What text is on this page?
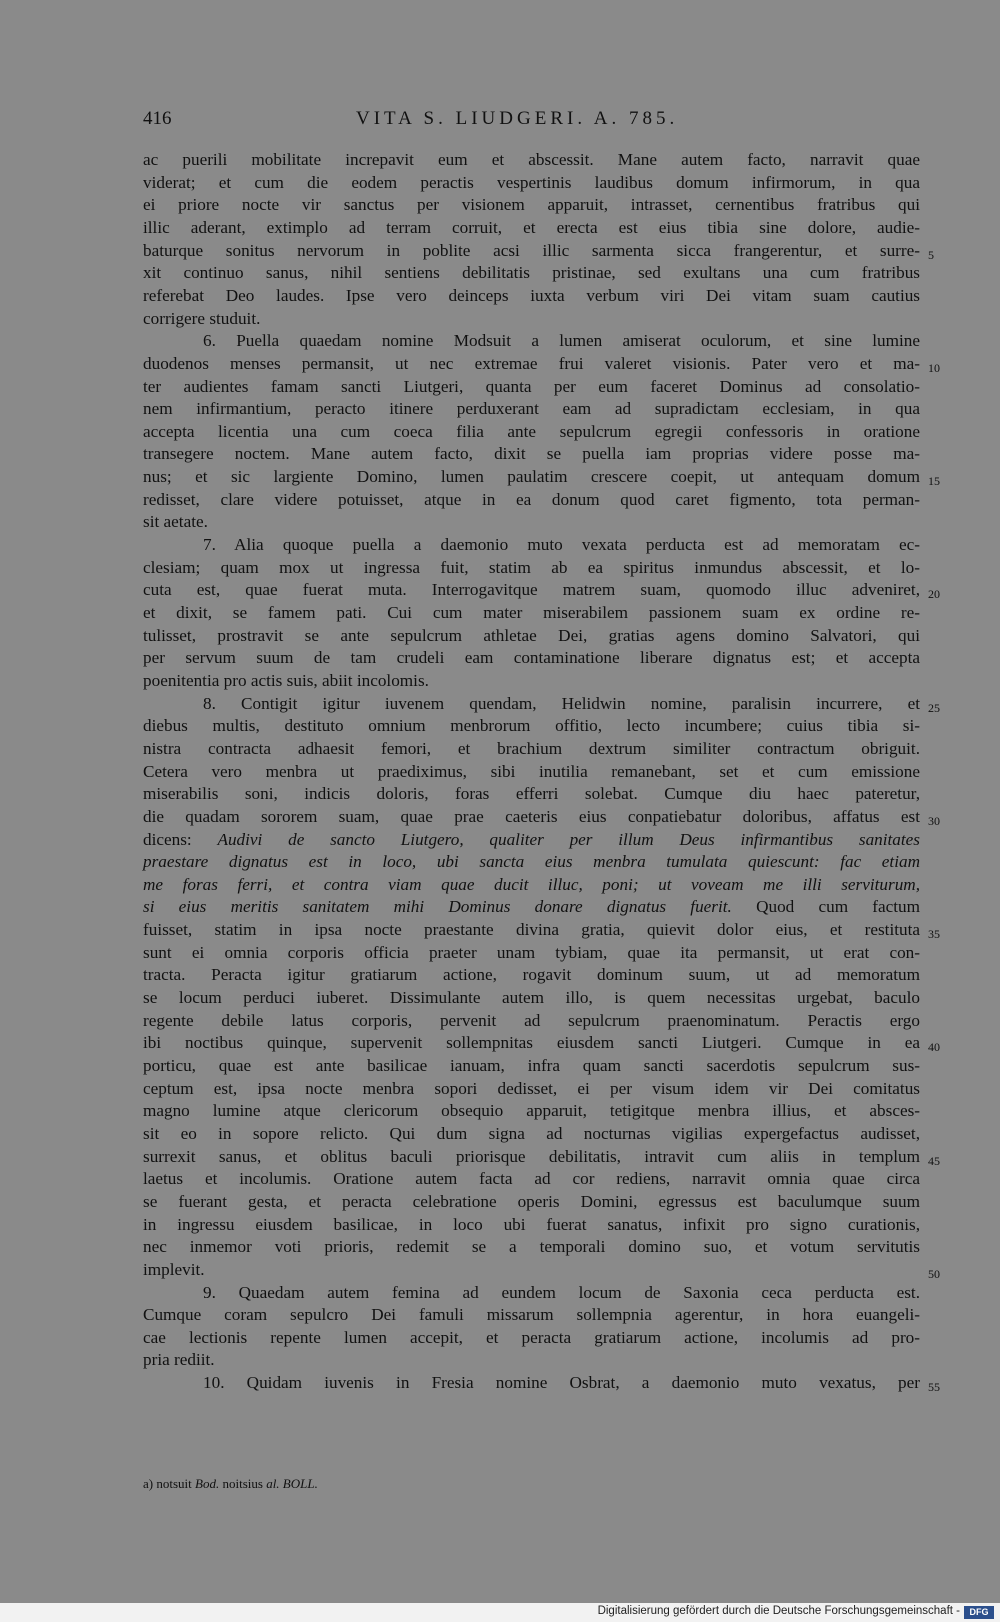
416	VITA S. LIUDGERI. A. 785.
ac puerili mobilitate increpavit eum et abscessit. Mane autem facto, narravit quae
viderat; et cum die eodem peractis vespertinis laudibus domum infirmorum, in qua
ei priore nocte vir sanctus per visionem apparuit, intrasset, cernentibus fratribus qui
illic aderant, extimplo ad terram corruit, et erecta est eius tibia sine dolore, audie-
baturque sonitus nervorum in poblite acsi illic sarmenta sicca frangerentur, et surre- 5
xit continuo sanus, nihil sentiens debilitatis pristinae, sed exultans una cum fratribus
referebat Deo laudes. Ipse vero deinceps iuxta verbum viri Dei vitam suam cautius
corrigere studuit.
6. Puella quaedam nomine Modsuit a lumen amiserat oculorum, et sine lumine
duodenos menses permansit, ut nec extremae frui valeret visionis. Pater vero et ma- 10
ter audientes famam sancti Liutgeri, quanta per eum faceret Dominus ad consolatio-
nem infirmantium, peracto itinere perduxerant eam ad supradictam ecclesiam, in qua
accepta licentia una cum coeca filia ante sepulcrum egregii confessoris in oratione
transegere noctem. Mane autem facto, dixit se puella iam proprias videre posse ma-
nus; et sic largiente Domino, lumen paulatim crescere coepit, ut antequam domum 15
redisset, clare videre potuisset, atque in ea donum quod caret figmento, tota perman-
sit aetate.
7. Alia quoque puella a daemonio muto vexata perducta est ad memoratam ec-
clesiam; quam mox ut ingressa fuit, statim ab ea spiritus inmundus abscessit, et lo-
cuta est, quae fuerat muta. Interrogavitque matrem suam, quomodo illuc adveniret, 20
et dixit, se famem pati. Cui cum mater miserabilem passionem suam ex ordine re-
tulisset, prostravit se ante sepulcrum athletae Dei, gratias agens domino Salvatori, qui
per servum suum de tam crudeli eam contaminatione liberare dignatus est; et accepta
poenitentia pro actis suis, abiit incolomis.
8. Contigit igitur iuvenem quendam, Helidwin nomine, paralisin incurrere, et 25
diebus multis, destituto omnium menbrorum offitio, lecto incumbere; cuius tibia si-
nistra contracta adhaesit femori, et brachium dextrum similiter contractum obriguit.
Cetera vero menbra ut praediximus, sibi inutilia remanebant, set et cum emissione
miserabilis soni, indicis doloris, foras efferri solebat. Cumque diu haec pateretur,
die quadam sororem suam, quae prae caeteris eius conpatiebatur doloribus, affatus est 30
dicens: Audivi de sancto Liutgero, qualiter per illum Deus infirmantibus sanitates
praestare dignatus est in loco, ubi sancta eius menbra tumulata quiescunt: fac etiam
me foras ferri, et contra viam quae ducit illuc, poni; ut voveam me illi serviturum,
si eius meritis sanitatem mihi Dominus donare dignatus fuerit. Quod cum factum
fuisset, statim in ipsa nocte praestante divina gratia, quievit dolor eius, et restituta 35
sunt ei omnia corporis officia praeter unam tybiam, quae ita permansit, ut erat con-
tracta. Peracta igitur gratiarum actione, rogavit dominum suum, ut ad memoratum
se locum perduci iuberet. Dissimulante autem illo, is quem necessitas urgebat, baculo
regente debile latus corporis, pervenit ad sepulcrum praenominatum. Peractis ergo
ibi noctibus quinque, supervenit sollempnitas eiusdem sancti Liutgeri. Cumque in ea 40
porticu, quae est ante basilicae ianuam, infra quam sancti sacerdotis sepulcrum sus-
ceptum est, ipsa nocte menbra sopori dedisset, ei per visum idem vir Dei comitatus
magno lumine atque clericorum obsequio apparuit, tetigitque menbra illius, et absces-
sit eo in sopore relicto. Qui dum signa ad nocturnas vigilias expergefactus audisset,
surrexit sanus, et oblitus baculi priorisque debilitatis, intravit cum aliis in templum 45
laetus et incolumis. Oratione autem facta ad cor rediens, narravit omnia quae circa
se fuerant gesta, et peracta celebratione operis Domini, egressus est baculumque suum
in ingressu eiusdem basilicae, in loco ubi fuerat sanatus, infixit pro signo curationis,
nec inmemor voti prioris, redemit se a temporali domino suo, et votum servitutis
implevit.	50
9. Quaedam autem femina ad eundem locum de Saxonia ceca perducta est.
Cumque coram sepulcro Dei famuli missarum sollempnia agerentur, in hora euangeli-
cae lectionis repente lumen accepit, et peracta gratiarum actione, incolumis ad pro-
pria rediit.
10. Quidam iuvenis in Fresia nomine Osbrat, a daemonio muto vexatus, per 55
a) notsuit Bod. noitsius al. BOLL.
Digitalisierung gefördert durch die Deutsche Forschungsgemeinschaft -	DFG
